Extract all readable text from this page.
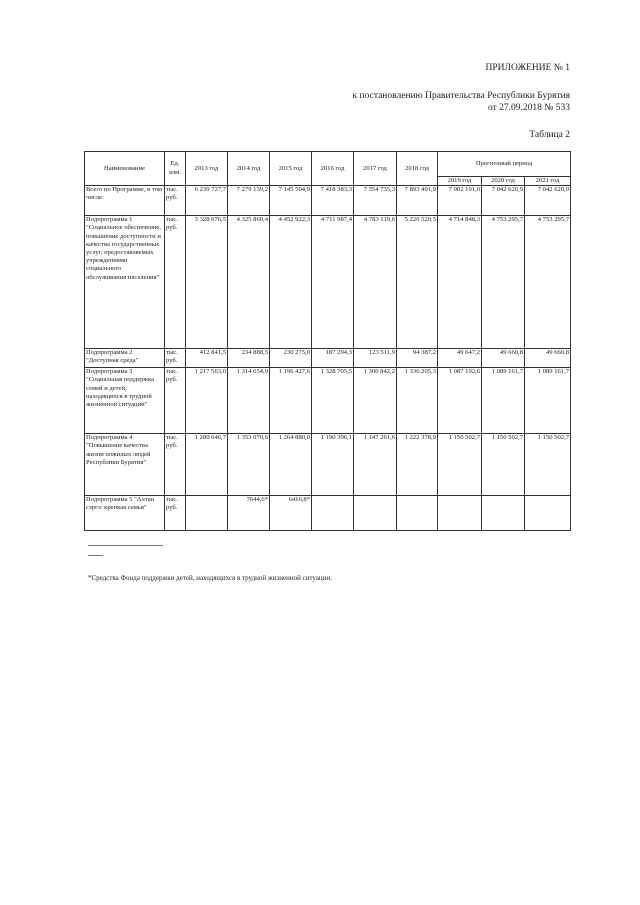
ПРИЛОЖЕНИЕ № 1
к постановлению Правительства Республики Бурятия
от 27.09.2018 № 533
Таблица 2
Наименование	Ед. изм.	2013 год	2014 год	2015 год	2016 год	2017 год	2018 год	Прогнозный период		
								2019 год	2020 год	2021 год
Всего по Программе, в том числе:	тыс. руб.	6 239 727,7	7 279 139,2	7 145 504,9	7 418 383,3	7 354 735,3	7 893 491,9	7 002 191,0	7 042 620,9	7 042 620,9
Подпрограмма 1 "Социальное обеспечение, повышение доступности и качества государственных услуг, предоставляемых учреждениями социального обслуживания населения"	тыс. руб.	3 328 676,5	4 325 860,4	4 452 922,3	4 711 987,4	4 783 119,6	5 220 520,5	4 714 848,3	4 753 295,7	4 753 295,7
Подпрограмма 2 "Доступная среда"	тыс. руб.	412 841,5	234 888,5	230 275,0	187 294,3	123 511,9	94 387,2	49 647,2	49 660,8	49 660,8
Подпрограмма 3 "Социальная поддержка семей и детей, находящихся в трудной жизненной ситуации"	тыс. руб.	1 217 563,0	1 314 654,9	1 196 427,6	1 328 705,5	1 300 842,2	1 336 205,3	1 087 192,6	1 089 161,7	1 089 161,7
Подпрограмма 4 "Повышение качества жизни пожилых людей Республики Бурятия"	тыс. руб.	1 280 646,7	1 353 070,6	1 264 880,0	1 190 396,1	1 147 261,6	1 222 378,9	1 150 502,7	1 150 502,7	1 150 502,7
Подпрограмма 5 "Алтан сэргэ: крепкая семья"	тыс. руб.		7644,6*	6416,8*						
*Средства Фонда поддержки детей, находящихся в трудной жизненной ситуации.
